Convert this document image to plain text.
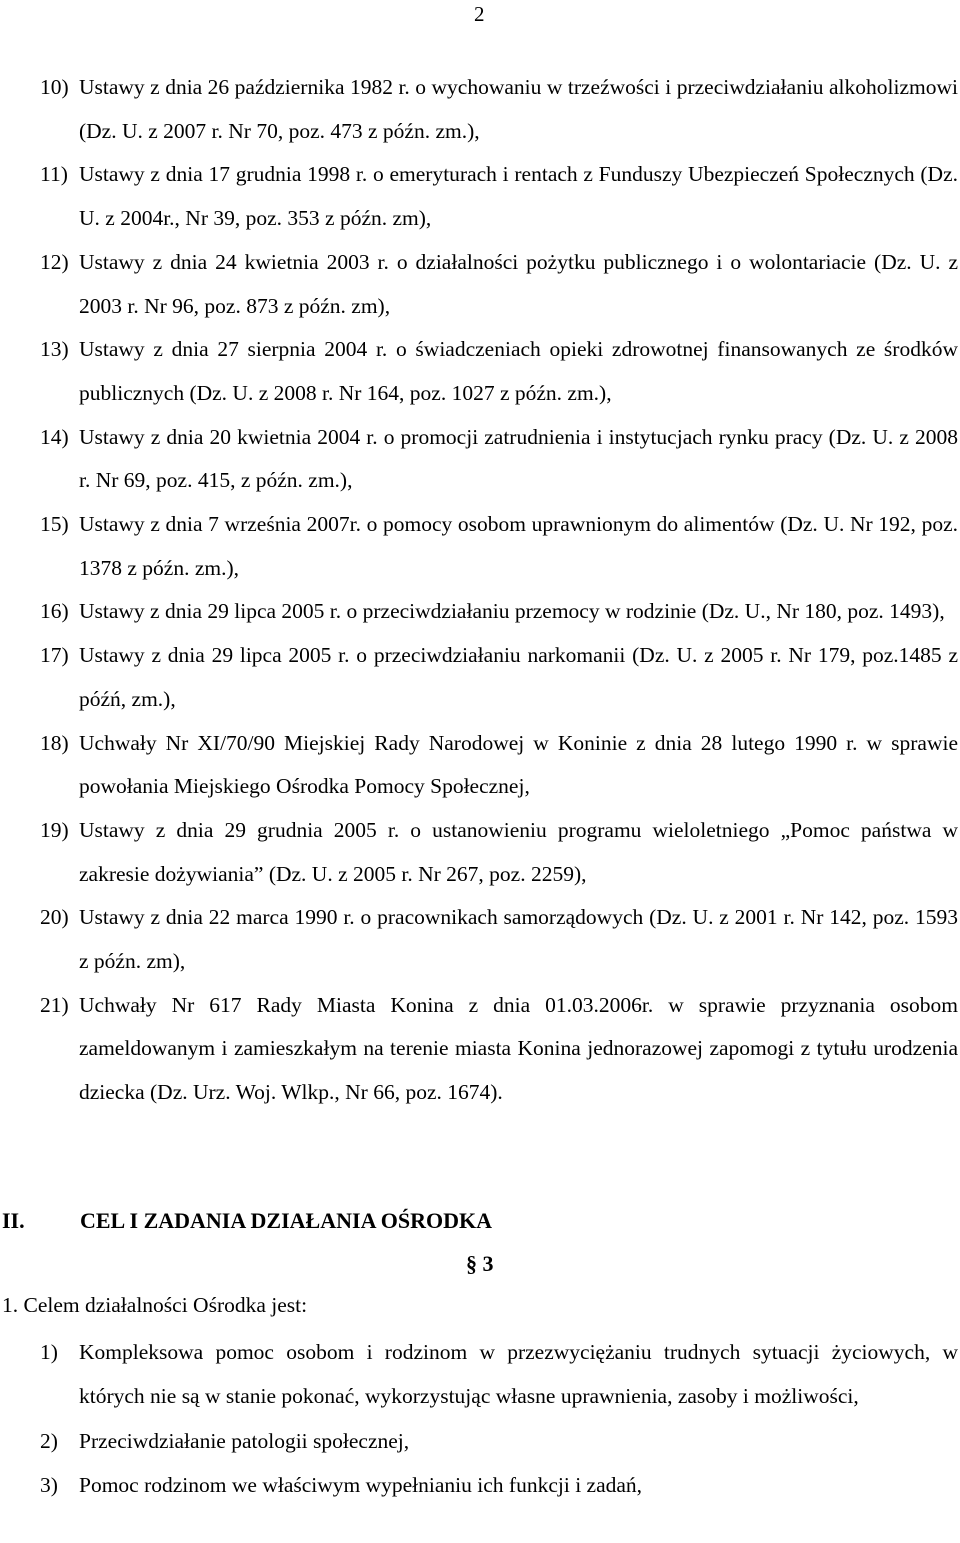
2
10) Ustawy z dnia 26 października 1982 r. o wychowaniu w trzeźwości i przeciwdziałaniu alkoholizmowi (Dz. U. z 2007 r. Nr 70, poz. 473 z późn. zm.),
11) Ustawy z dnia 17 grudnia 1998 r. o emeryturach i rentach z Funduszy Ubezpieczeń Społecznych (Dz. U. z 2004r., Nr 39, poz. 353 z późn. zm),
12) Ustawy z dnia 24 kwietnia 2003 r. o działalności pożytku publicznego i o wolontariacie (Dz. U. z 2003 r. Nr 96, poz. 873 z późn. zm),
13) Ustawy z dnia 27 sierpnia 2004 r. o świadczeniach opieki zdrowotnej finansowanych ze środków publicznych (Dz. U. z 2008 r. Nr 164, poz. 1027 z późn. zm.),
14) Ustawy z dnia 20 kwietnia 2004 r. o promocji zatrudnienia i instytucjach rynku pracy (Dz. U. z 2008 r. Nr 69, poz. 415, z późn. zm.),
15) Ustawy z dnia 7 września 2007r. o pomocy osobom uprawnionym do alimentów (Dz. U. Nr 192, poz. 1378 z późn. zm.),
16) Ustawy z dnia 29 lipca 2005 r. o przeciwdziałaniu przemocy w rodzinie (Dz. U., Nr 180, poz. 1493),
17) Ustawy z dnia 29 lipca 2005 r. o przeciwdziałaniu narkomanii (Dz. U. z 2005 r. Nr 179, poz.1485 z późń, zm.),
18) Uchwały Nr XI/70/90 Miejskiej Rady Narodowej w Koninie z dnia 28 lutego 1990 r. w sprawie powołania Miejskiego Ośrodka Pomocy Społecznej,
19) Ustawy z dnia 29 grudnia 2005 r. o ustanowieniu programu wieloletniego „Pomoc państwa w zakresie dożywiania” (Dz. U. z 2005 r. Nr 267, poz. 2259),
20) Ustawy z dnia 22 marca 1990 r. o pracownikach samorządowych (Dz. U. z 2001 r. Nr 142, poz. 1593 z późn. zm),
21) Uchwały Nr 617 Rady Miasta Konina z dnia 01.03.2006r. w sprawie przyznania osobom zameldowanym i zamieszkałym na terenie miasta Konina jednorazowej zapomogi z tytułu urodzenia dziecka (Dz. Urz. Woj. Wlkp., Nr 66, poz. 1674).
II.	CEL I ZADANIA DZIAŁANIA OŚRODKA
§ 3
1. Celem działalności Ośrodka jest:
1) Kompleksowa pomoc osobom i rodzinom w przezwyciężaniu trudnych sytuacji życiowych, w których nie są w stanie pokonać, wykorzystując własne uprawnienia, zasoby i możliwości,
2) Przeciwdziałanie patologii społecznej,
3) Pomoc rodzinom we właściwym wypełnianiu ich funkcji i zadań,
